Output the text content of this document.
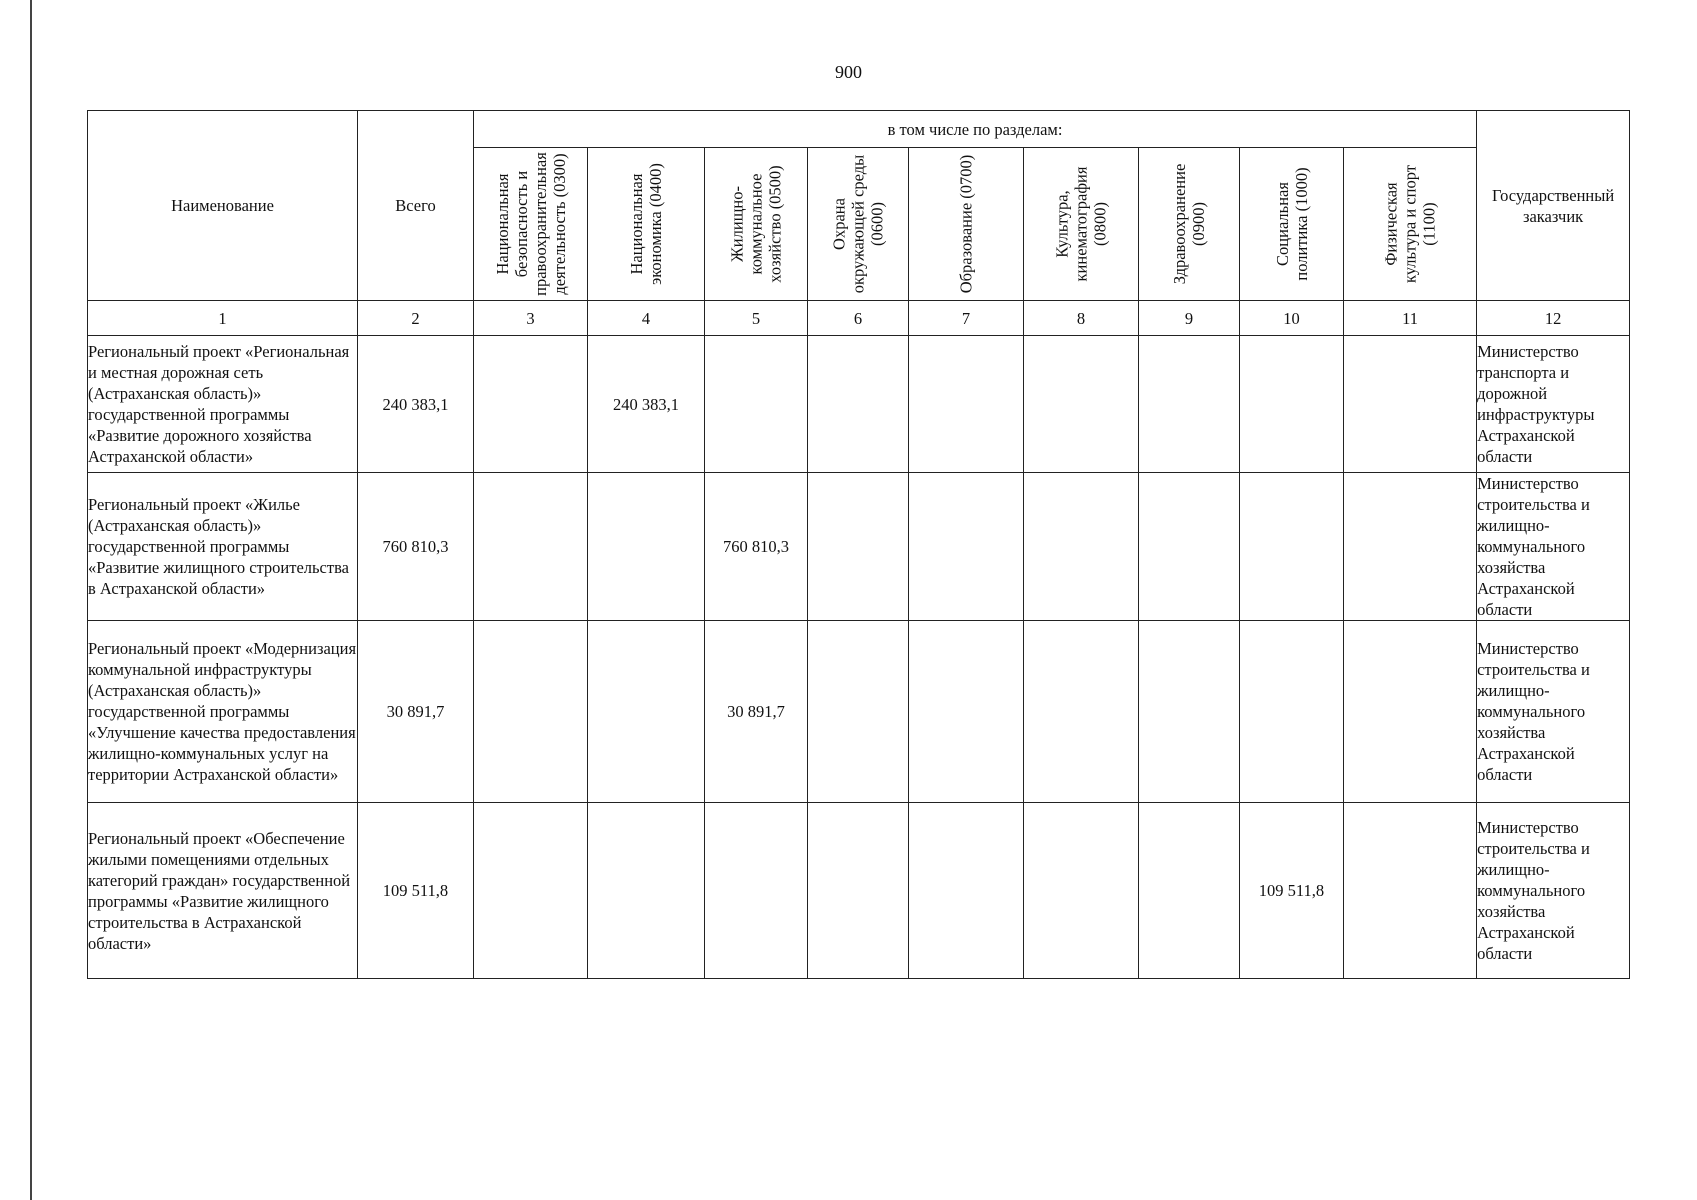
900
Наименование	Всего	в том числе по разделам:									Государственный заказчик

		Национальная безопасность и правоохранительная деятельность (0300)	Национальная экономика (0400)	Жилищно-коммунальное хозяйство (0500)	Охрана окружающей среды (0600)	Образование (0700)	Культура, кинематография (0800)	Здравоохранение (0900)	Социальная политика (1000)	Физическая культура и спорт (1100)	

1	2	3	4	5	6	7	8	9	10	11	12
Региональный проект «Региональная и местная дорожная сеть (Астраханская область)» государственной программы «Развитие дорожного хозяйства Астраханской области»	240 383,1		240 383,1								Министерство транспорта и дорожной инфраструктуры Астраханской области
Региональный проект «Жилье (Астраханская область)» государственной программы «Развитие жилищного строительства в Астраханской области»	760 810,3			760 810,3							Министерство строительства и жилищно-коммунального хозяйства Астраханской области
Региональный проект «Модернизация коммунальной инфраструктуры (Астраханская область)» государственной программы «Улучшение качества предоставления жилищно-коммунальных услуг на территории Астраханской области»	30 891,7			30 891,7							Министерство строительства и жилищно-коммунального хозяйства Астраханской области
Региональный проект «Обеспечение жилыми помещениями отдельных категорий граждан» государственной программы «Развитие жилищного строительства в Астраханской области»	109 511,8								109 511,8		Министерство строительства и жилищно-коммунального хозяйства Астраханской области
